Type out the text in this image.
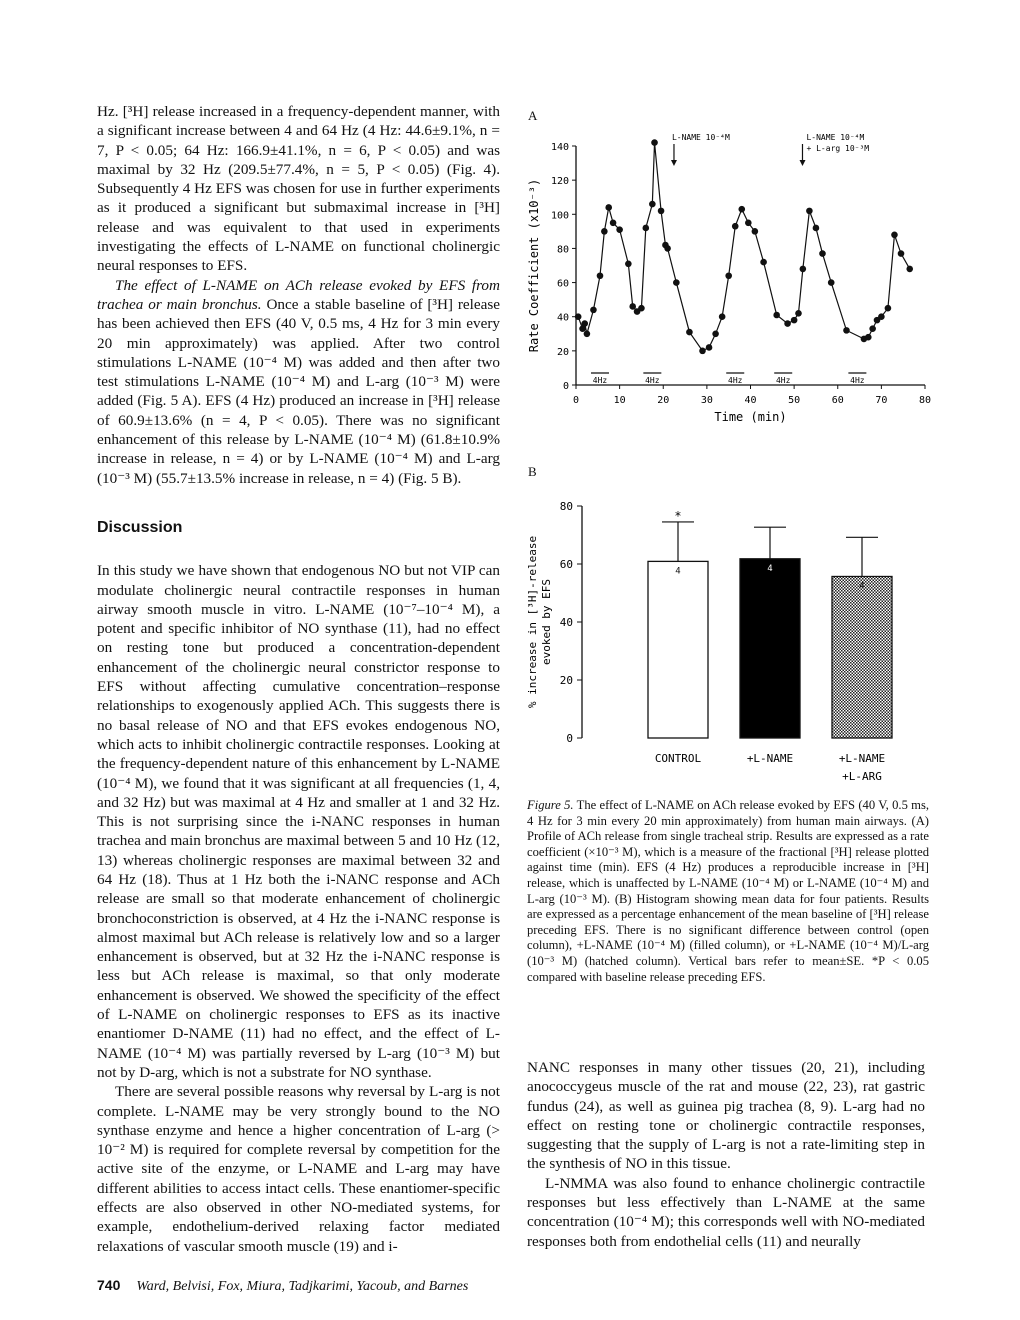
Hz. [³H] release increased in a frequency-dependent manner, with a significant increase between 4 and 64 Hz (4 Hz: 44.6±9.1%, n = 7, P < 0.05; 64 Hz: 166.9±41.1%, n = 6, P < 0.05) and was maximal by 32 Hz (209.5±77.4%, n = 5, P < 0.05) (Fig. 4). Subsequently 4 Hz EFS was chosen for use in further experiments as it produced a significant but submaximal increase in [³H] release and was equivalent to that used in experiments investigating the effects of L-NAME on functional cholinergic neural responses to EFS.

The effect of L-NAME on ACh release evoked by EFS from trachea or main bronchus. Once a stable baseline of [³H] release has been achieved then EFS (40 V, 0.5 ms, 4 Hz for 3 min every 20 min approximately) was applied. After two control stimulations L-NAME (10⁻⁴ M) was added and then after two test stimulations L-NAME (10⁻⁴ M) and L-arg (10⁻³ M) were added (Fig. 5 A). EFS (4 Hz) produced an increase in [³H] release of 60.9±13.6% (n = 4, P < 0.05). There was no significant enhancement of this release by L-NAME (10⁻⁴ M) (61.8±10.9% increase in release, n = 4) or by L-NAME (10⁻⁴ M) and L-arg (10⁻³ M) (55.7±13.5% increase in release, n = 4) (Fig. 5 B).

Discussion

In this study we have shown that endogenous NO but not VIP can modulate cholinergic neural contractile responses in human airway smooth muscle in vitro. L-NAME (10⁻⁷–10⁻⁴ M), a potent and specific inhibitor of NO synthase (11), had no effect on resting tone but produced a concentration-dependent enhancement of the cholinergic neural constrictor response to EFS without affecting cumulative concentration–response relationships to exogenously applied ACh. This suggests there is no basal release of NO and that EFS evokes endogenous NO, which acts to inhibit cholinergic contractile responses. Looking at the frequency-dependent nature of this enhancement by L-NAME (10⁻⁴ M), we found that it was significant at all frequencies (1, 4, and 32 Hz) but was maximal at 4 Hz and smaller at 1 and 32 Hz. This is not surprising since the i-NANC responses in human trachea and main bronchus are maximal between 5 and 10 Hz (12, 13) whereas cholinergic responses are maximal between 32 and 64 Hz (18). Thus at 1 Hz both the i-NANC response and ACh release are small so that moderate enhancement of cholinergic bronchoconstriction is observed, at 4 Hz the i-NANC response is almost maximal but ACh release is relatively low and so a larger enhancement is observed, but at 32 Hz the i-NANC response is less but ACh release is maximal, so that only moderate enhancement is observed. We showed the specificity of the effect of L-NAME on cholinergic responses to EFS as its inactive enantiomer D-NAME (11) had no effect, and the effect of L-NAME (10⁻⁴ M) was partially reversed by L-arg (10⁻³ M) but not by D-arg, which is not a substrate for NO synthase.

There are several possible reasons why reversal by L-arg is not complete. L-NAME may be very strongly bound to the NO synthase enzyme and hence a higher concentration of L-arg (> 10⁻² M) is required for complete reversal by competition for the active site of the enzyme, or L-NAME and L-arg may have different abilities to access intact cells. These enantiomer-specific effects are also observed in other NO-mediated systems, for example, endothelium-derived relaxing factor mediated relaxations of vascular smooth muscle (19) and i-

A
B
0
20
40
60
80
100
120
140
0	10	20	30	40	50	60	70	80
Time (min)
Rate Coefficient (x10⁻³)
4Hz	4Hz	4Hz	4Hz	4Hz
L-NAME 10⁻⁴M	L-NAME 10⁻⁴M
+ L-arg 10⁻³M
0
20
40
60
80
% increase in [³H]-release evoked by EFS
4
CONTROL
*
4
+L-NAME
4
+L-NAME
+L-ARG
Figure 5. The effect of L-NAME on ACh release evoked by EFS (40 V, 0.5 ms, 4 Hz for 3 min every 20 min approximately) from human main airways. (A) Profile of ACh release from single tracheal strip. Results are expressed as a rate coefficient (×10⁻³ M), which is a measure of the fractional [³H] release plotted against time (min). EFS (4 Hz) produces a reproducible increase in [³H] release, which is unaffected by L-NAME (10⁻⁴ M) or L-NAME (10⁻⁴ M) and L-arg (10⁻³ M). (B) Histogram showing mean data for four patients. Results are expressed as a percentage enhancement of the mean baseline of [³H] release preceding EFS. There is no significant difference between control (open column), +L-NAME (10⁻⁴ M) (filled column), or +L-NAME (10⁻⁴ M)/L-arg (10⁻³ M) (hatched column). Vertical bars refer to mean±SE. *P < 0.05 compared with baseline release preceding EFS.

NANC responses in many other tissues (20, 21), including anococcygeus muscle of the rat and mouse (22, 23), rat gastric fundus (24), as well as guinea pig trachea (8, 9). L-arg had no effect on resting tone or cholinergic contractile responses, suggesting that the supply of L-arg is not a rate-limiting step in the synthesis of NO in this tissue.

L-NMMA was also found to enhance cholinergic contractile responses but less effectively than L-NAME at the same concentration (10⁻⁴ M); this corresponds well with NO-mediated responses both from endothelial cells (11) and neurally

740 Ward, Belvisi, Fox, Miura, Tadjkarimi, Yacoub, and Barnes
